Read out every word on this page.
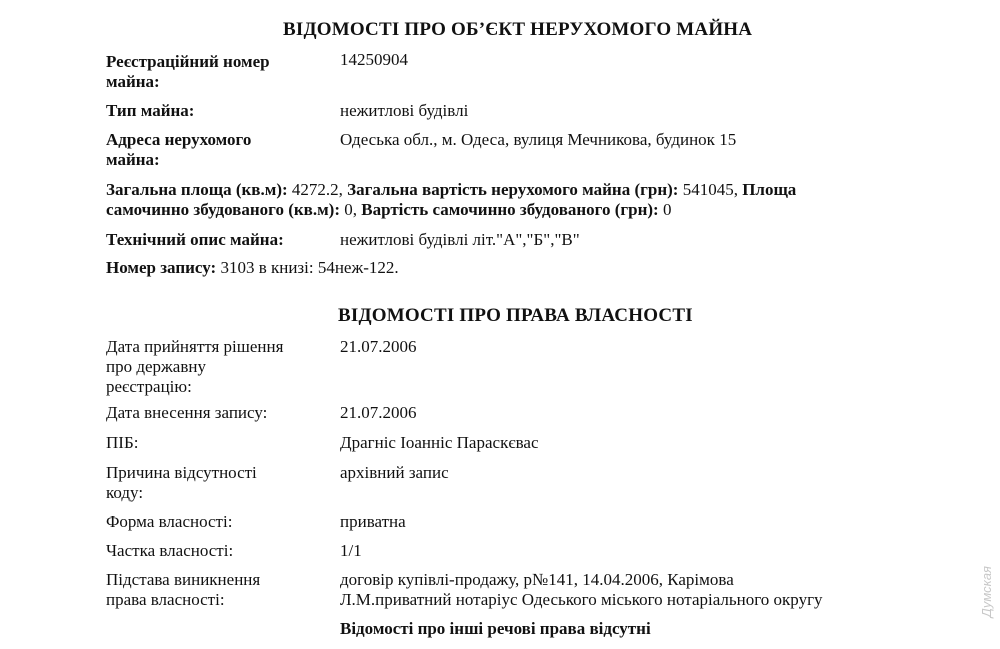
ВІДОМОСТІ ПРО ОБ’ЄКТ НЕРУХОМОГО МАЙНА
Реєстраційний номер
майна:
14250904
Тип майна:	нежитлові будівлі
Адреса нерухомого
майна:
Одеська обл., м. Одеса, вулиця Мечникова, будинок 15
Загальна площа (кв.м): 4272.2, Загальна вартість нерухомого майна (грн): 541045, Площа
самочинно збудованого (кв.м): 0, Вартість самочинно збудованого (грн): 0
Технічний опис майна:	нежитлові будівлі літ."А","Б","В"
Номер запису: 3103 в книзі: 54неж-122.
ВІДОМОСТІ ПРО ПРАВА ВЛАСНОСТІ
Дата прийняття рішення
про державну
реєстрацію:
21.07.2006
Дата внесення запису:	21.07.2006
ПІБ:	Драгніс Іоанніс Параскєвас
Причина відсутності
коду:
архівний запис
Форма власності:	приватна
Частка власності:	1/1
Підстава виникнення
права власності:
договір купівлі-продажу, р№141, 14.04.2006, Карімова
Л.М.приватний нотаріус Одеського міського нотаріального округу
Відомості про інші речові права відсутні
Думская
